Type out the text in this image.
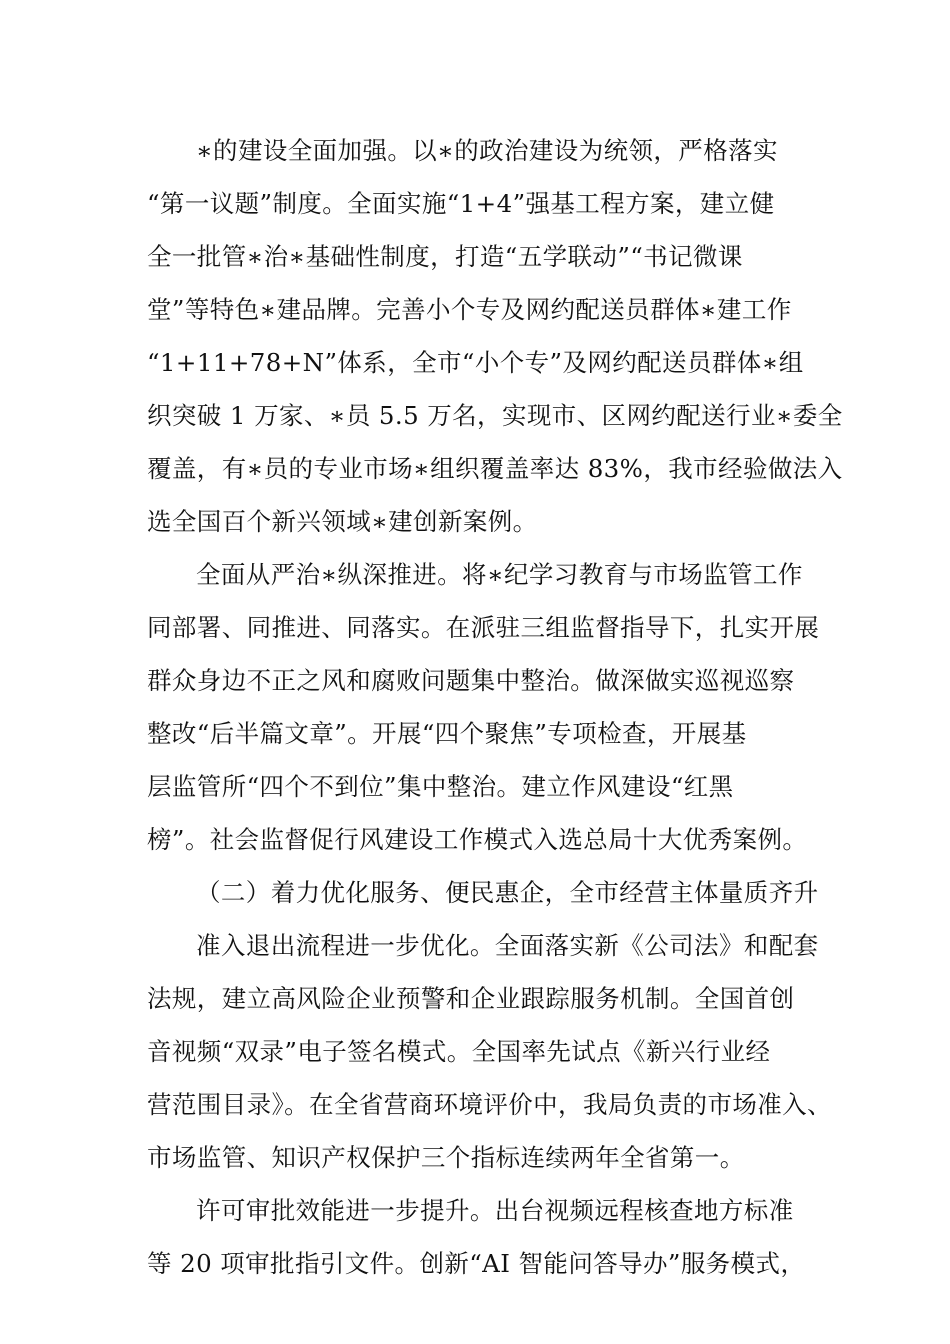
∗的建设全面加强。以∗的政治建设为统领，严格落实
“第一议题”制度。全面实施“1+4”强基工程方案，建立健
全一批管∗治∗基础性制度，打造“五学联动”“书记微课
堂”等特色∗建品牌。完善小个专及网约配送员群体∗建工作
“1+11+78+N”体系，全市“小个专”及网约配送员群体∗组
织突破 1 万家、∗员 5.5 万名，实现市、区网约配送行业∗委全
覆盖，有∗员的专业市场∗组织覆盖率达 83%，我市经验做法入
选全国百个新兴领域∗建创新案例。
全面从严治∗纵深推进。将∗纪学习教育与市场监管工作
同部署、同推进、同落实。在派驻三组监督指导下，扎实开展
群众身边不正之风和腐败问题集中整治。做深做实巡视巡察
整改“后半篇文章”。开展“四个聚焦”专项检查，开展基
层监管所“四个不到位”集中整治。建立作风建设“红黑
榜”。社会监督促行风建设工作模式入选总局十大优秀案例。
（二）着力优化服务、便民惠企，全市经营主体量质齐升
准入退出流程进一步优化。全面落实新《公司法》和配套
法规，建立高风险企业预警和企业跟踪服务机制。全国首创
音视频“双录”电子签名模式。全国率先试点《新兴行业经
营范围目录》。在全省营商环境评价中，我局负责的市场准入、
市场监管、知识产权保护三个指标连续两年全省第一。
许可审批效能进一步提升。出台视频远程核查地方标准
等 20 项审批指引文件。创新“AI 智能问答导办”服务模式，
